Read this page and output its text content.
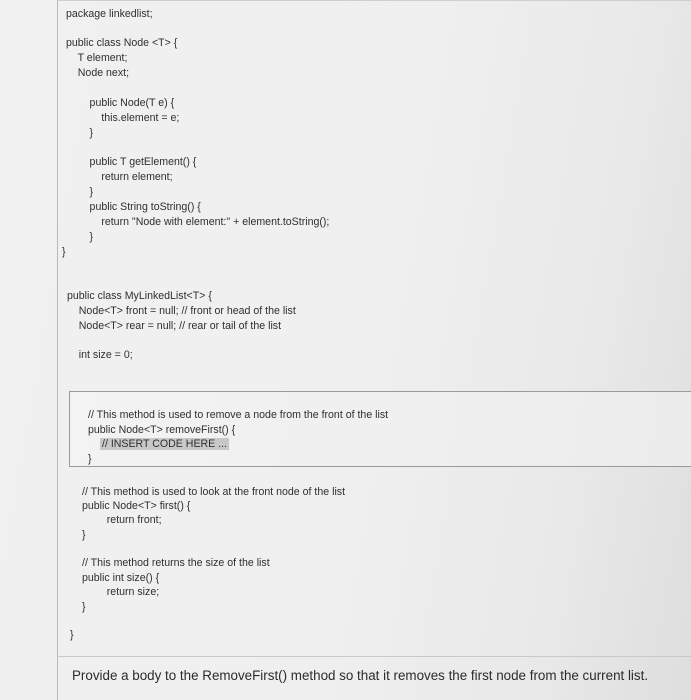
package linkedlist;
public class Node <T> {
T element;
Node next;
public Node(T e) {
this.element = e;
}
public T getElement() {
return element;
}
public String toString() {
return "Node with element:" + element.toString();
}
}
public class MyLinkedList<T> {
Node<T> front = null; // front or head of the list
Node<T> rear = null; // rear or tail of the list
int size = 0;
// This method is used to remove a node from the front of the list
public Node<T> removeFirst() {
// INSERT CODE HERE ...
}
// This method is used to look at the front node of the list
public Node<T> first() {
return front;
}
// This method returns the size of the list
public int size() {
return size;
}
}
Provide a body to the RemoveFirst() method so that it removes the first node from the current list.
